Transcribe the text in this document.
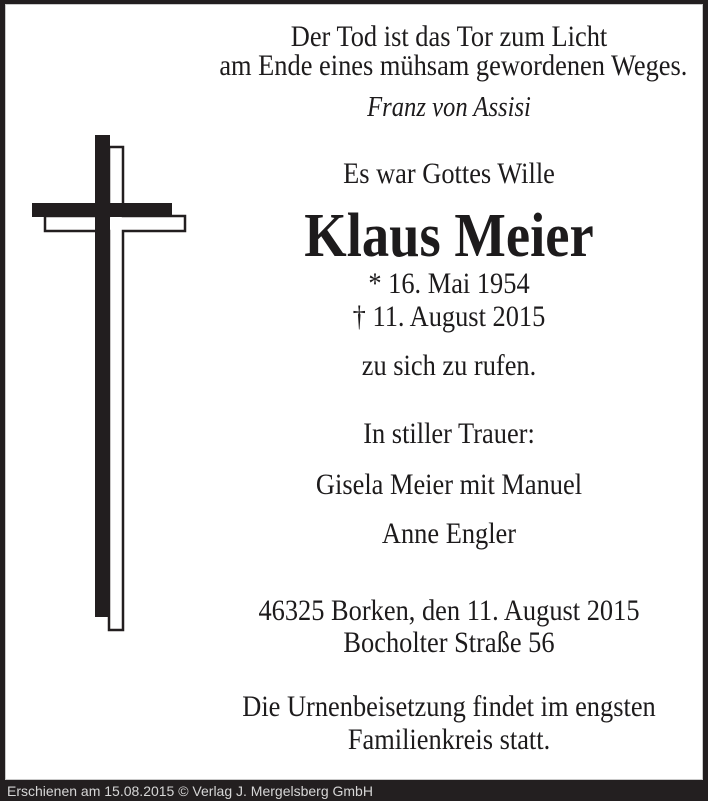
Der Tod ist das Tor zum Licht
am Ende eines mühsam gewordenen Weges.
Franz von Assisi
Es war Gottes Wille
Klaus Meier
* 16. Mai 1954
† 11. August 2015
zu sich zu rufen.
In stiller Trauer:
Gisela Meier mit Manuel
Anne Engler
46325 Borken, den 11. August 2015
Bocholter Straße 56
Die Urnenbeisetzung findet im engsten
Familienkreis statt.
Erschienen am 15.08.2015 © Verlag J. Mergelsberg GmbH
